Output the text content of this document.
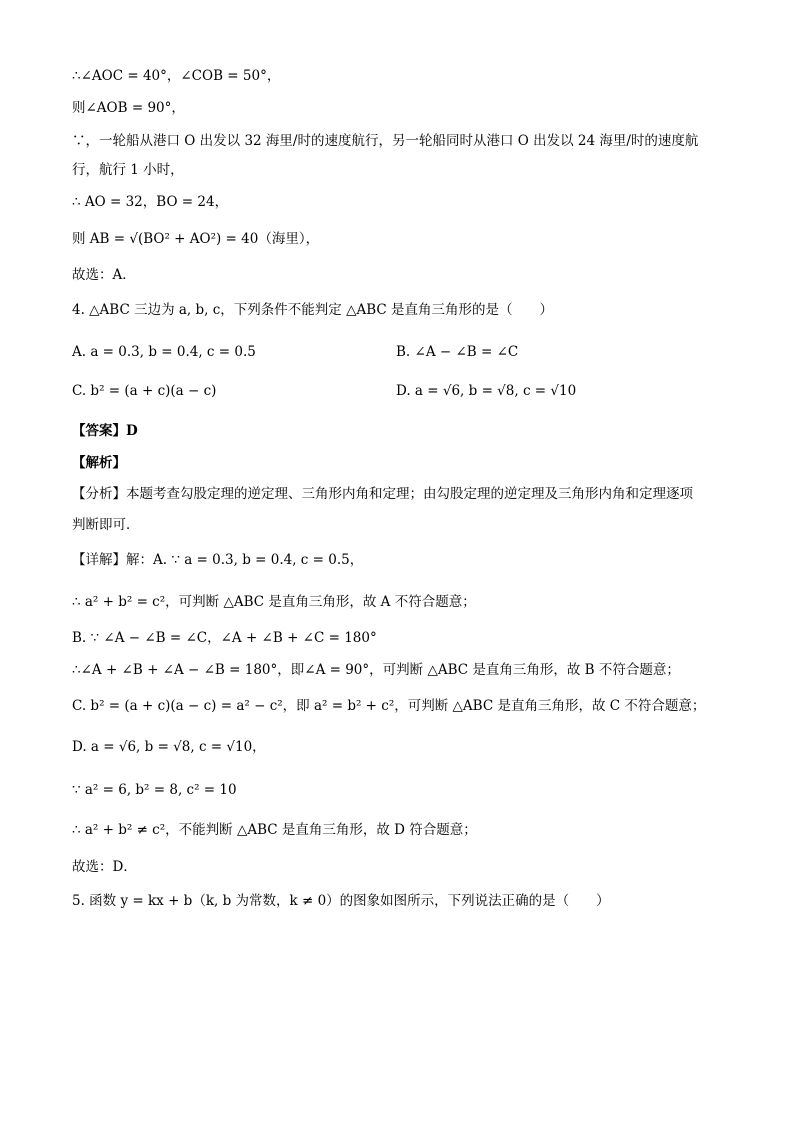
∴∠AOC = 40°，∠COB = 50°，
则∠AOB = 90°，
∵，一轮船从港口 O 出发以 32 海里/时的速度航行，另一轮船同时从港口 O 出发以 24 海里/时的速度航
行，航行 1 小时，
∴ AO = 32，BO = 24，
则 AB = √(BO² + AO²) = 40（海里），
故选：A．
4. △ABC 三边为 a, b, c，下列条件不能判定 △ABC 是直角三角形的是（　　）
A. a = 0.3, b = 0.4, c = 0.5	B. ∠A − ∠B = ∠C
C. b² = (a + c)(a − c)	D. a = √6, b = √8, c = √10
【答案】D
【解析】
【分析】本题考查勾股定理的逆定理、三角形内角和定理；由勾股定理的逆定理及三角形内角和定理逐项
判断即可．
【详解】解：A. ∵ a = 0.3, b = 0.4, c = 0.5，
∴ a² + b² = c²，可判断 △ABC 是直角三角形，故 A 不符合题意；
B. ∵ ∠A − ∠B = ∠C，∠A + ∠B + ∠C = 180°
∴∠A + ∠B + ∠A − ∠B = 180°，即∠A = 90°，可判断 △ABC 是直角三角形，故 B 不符合题意；
C. b² = (a + c)(a − c) = a² − c²，即 a² = b² + c²，可判断 △ABC 是直角三角形，故 C 不符合题意；
D. a = √6, b = √8, c = √10，
∵ a² = 6, b² = 8, c² = 10
∴ a² + b² ≠ c²，不能判断 △ABC 是直角三角形，故 D 符合题意；
故选：D．
5. 函数 y = kx + b（k, b 为常数，k ≠ 0）的图象如图所示，下列说法正确的是（　　）
